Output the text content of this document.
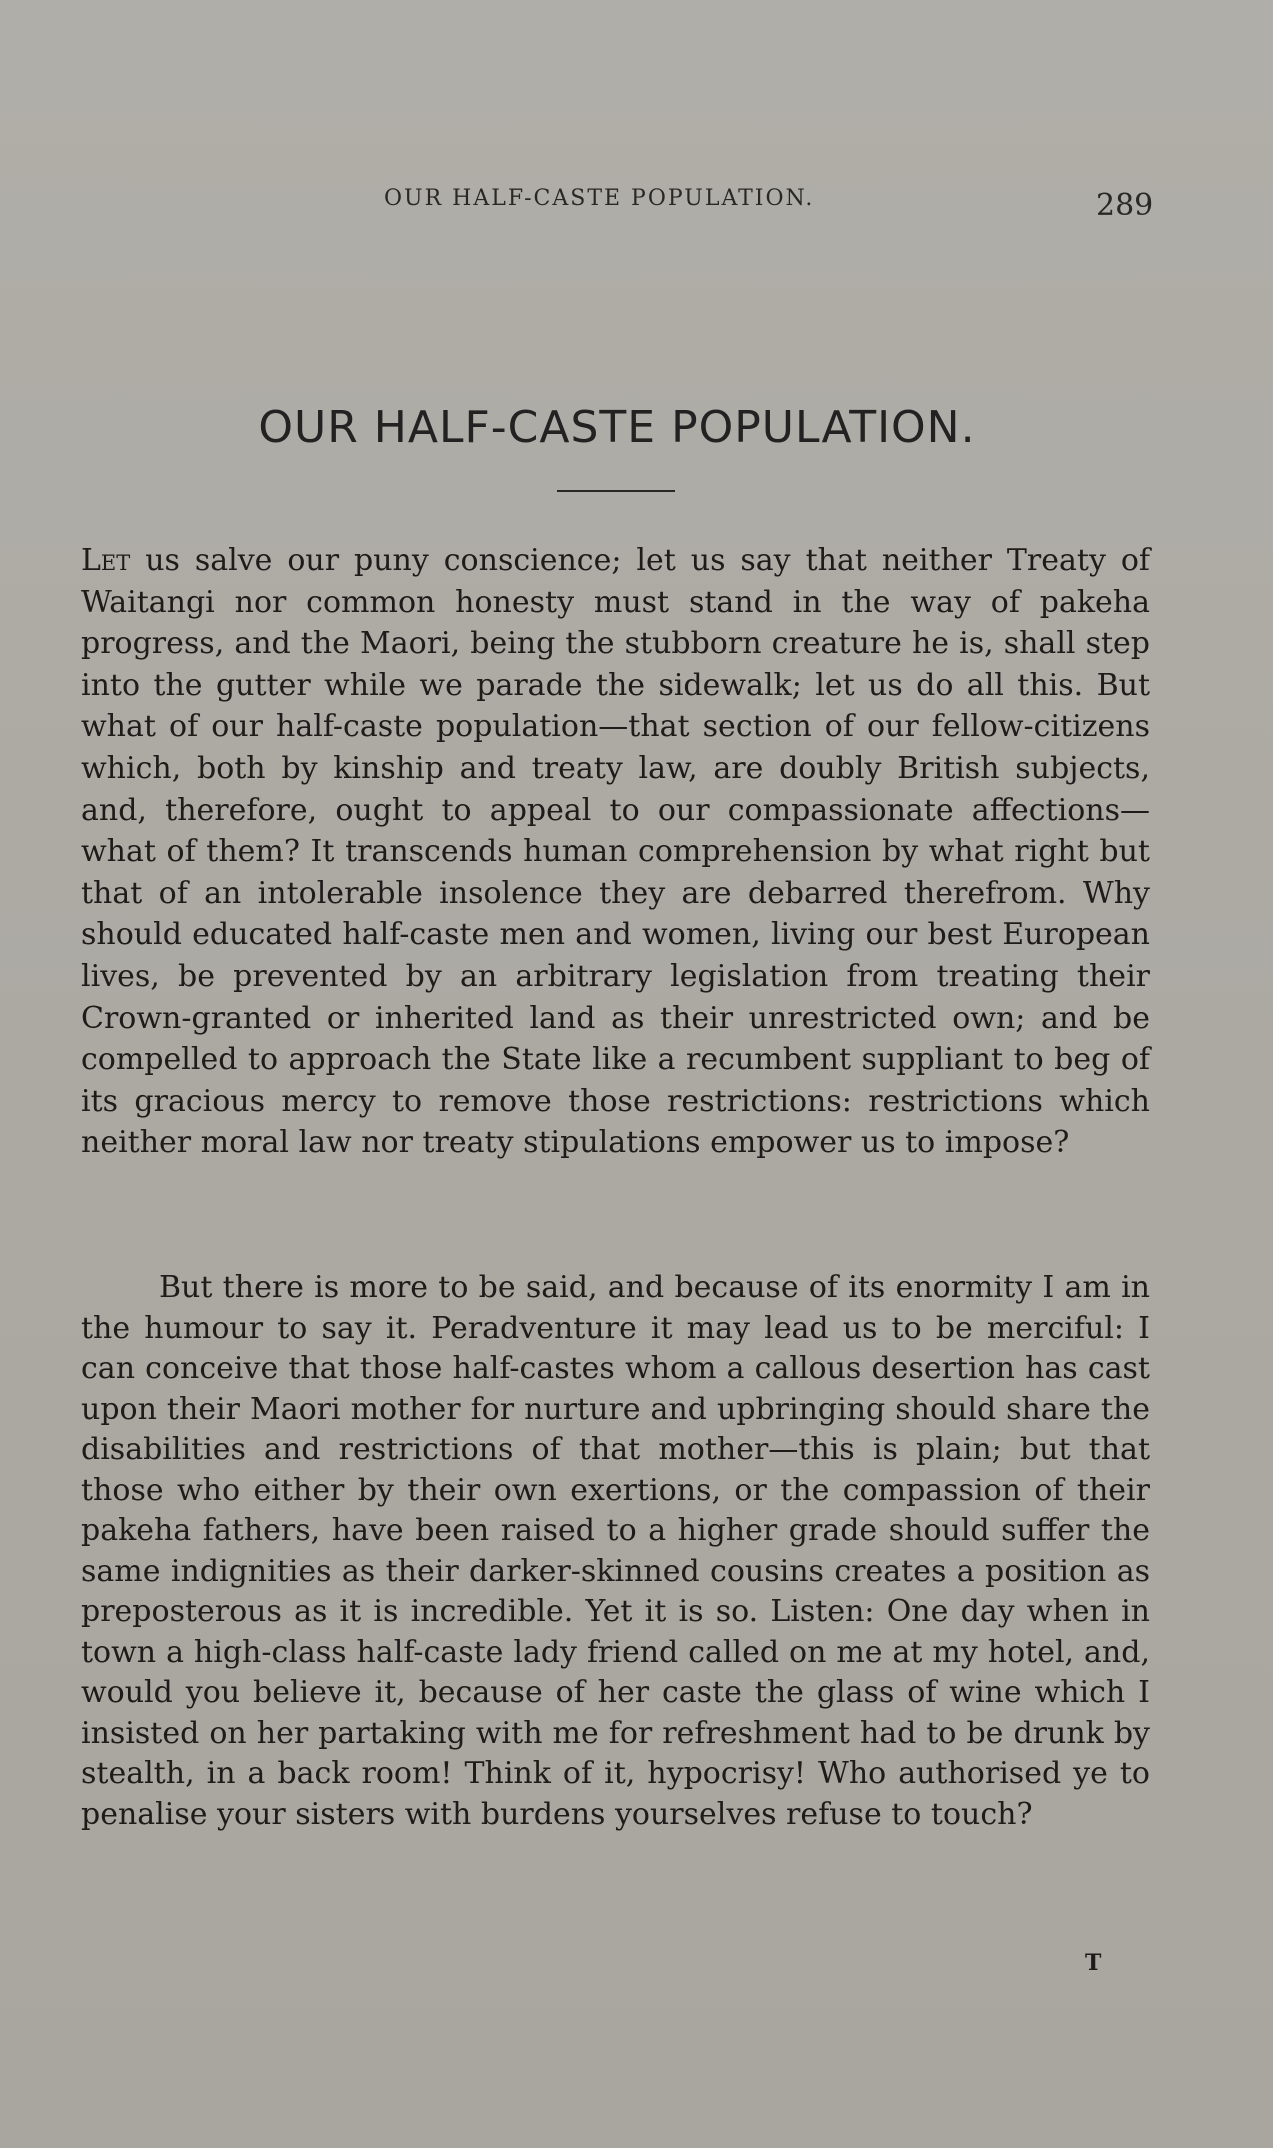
OUR HALF-CASTE POPULATION.	289
OUR HALF-CASTE POPULATION.

Let us salve our puny conscience; let us say that neither Treaty of Waitangi nor common honesty must stand in the way of pakeha progress, and the Maori, being the stubborn creature he is, shall step into the gutter while we parade the sidewalk; let us do all this. But what of our half-caste population—that section of our fellow-citizens which, both by kinship and treaty law, are doubly British subjects, and, therefore, ought to appeal to our compassionate affections—what of them? It transcends human comprehension by what right but that of an intolerable insolence they are debarred therefrom. Why should educated half-caste men and women, living our best European lives, be prevented by an arbitrary legislation from treating their Crown-granted or inherited land as their unrestricted own; and be compelled to approach the State like a recumbent suppliant to beg of its gracious mercy to remove those restrictions: restrictions which neither moral law nor treaty stipulations empower us to impose?

But there is more to be said, and because of its enormity I am in the humour to say it. Peradventure it may lead us to be merciful: I can conceive that those half-castes whom a callous desertion has cast upon their Maori mother for nurture and upbringing should share the disabilities and restrictions of that mother—this is plain; but that those who either by their own exertions, or the compassion of their pakeha fathers, have been raised to a higher grade should suffer the same indignities as their darker-skinned cousins creates a position as preposterous as it is incredible. Yet it is so. Listen: One day when in town a high-class half-caste lady friend called on me at my hotel, and, would you believe it, because of her caste the glass of wine which I insisted on her partaking with me for refreshment had to be drunk by stealth, in a back room! Think of it, hypocrisy! Who authorised ye to penalise your sisters with burdens yourselves refuse to touch?

T
